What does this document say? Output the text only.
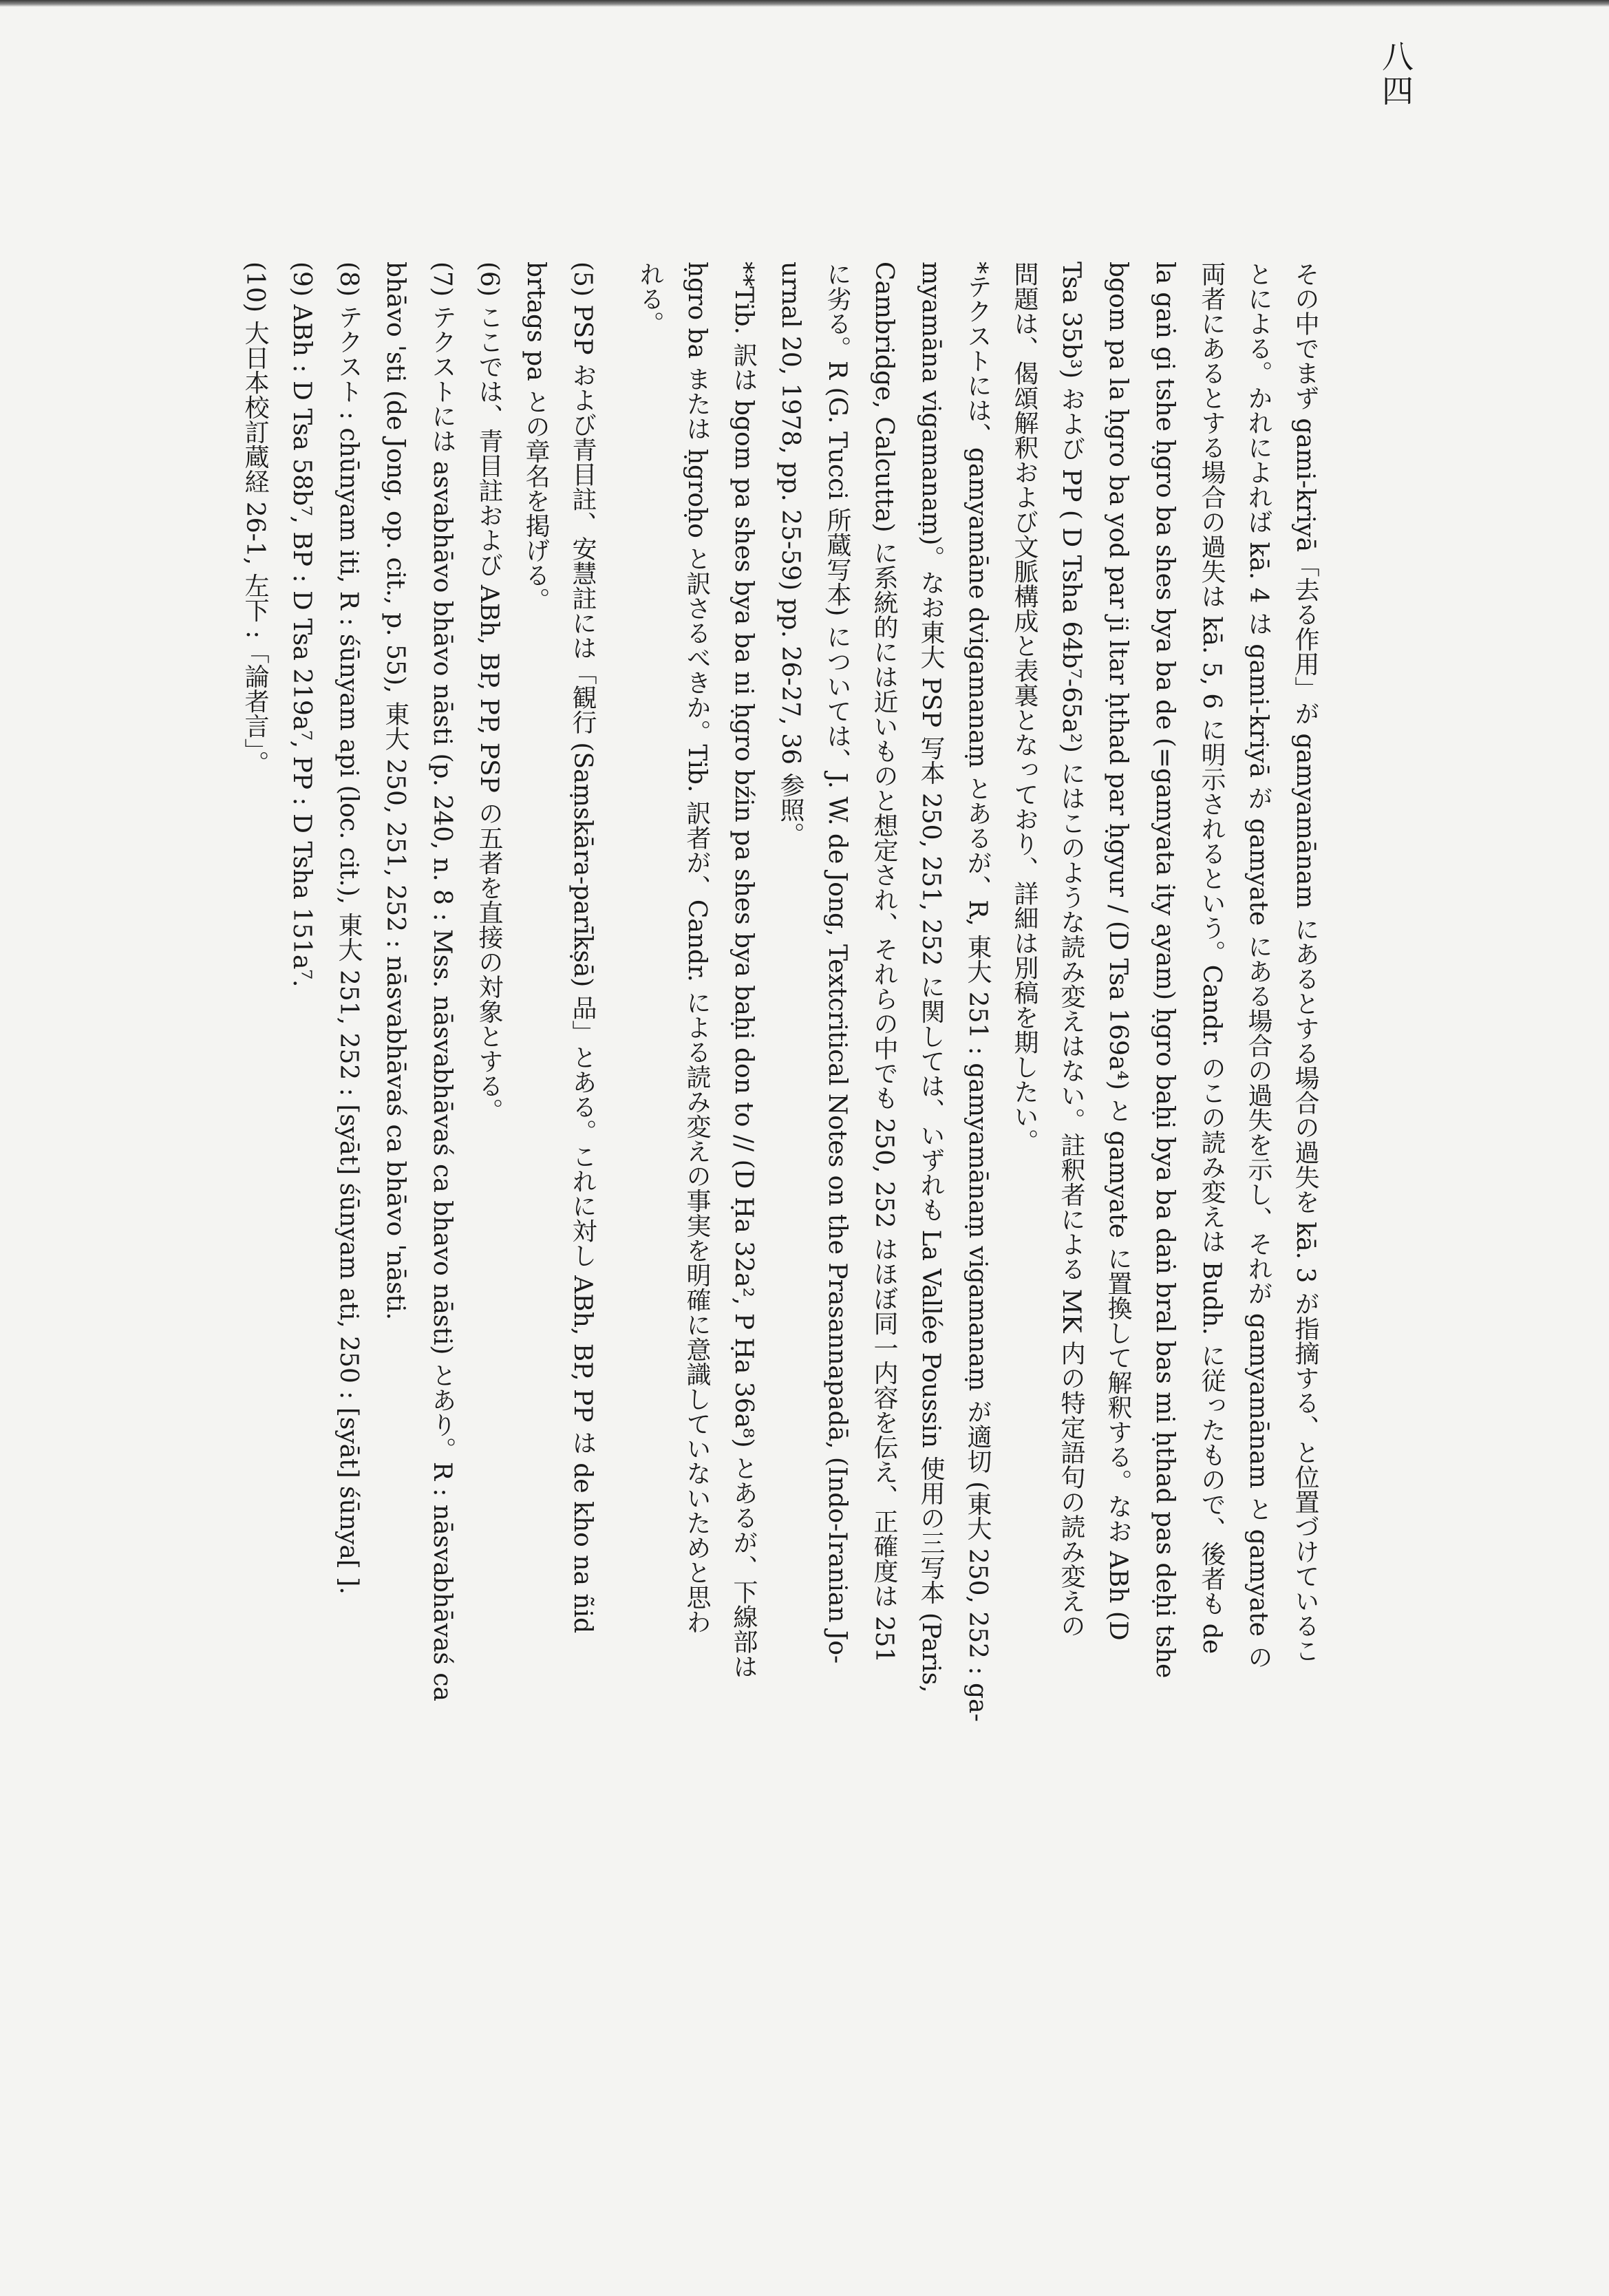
八四
その中でまず gami-kriyā「去る作用」が gamyamānam にあるとする場合の過失を kā. 3 が指摘する、と位置づけているこ
とによる。かれによれば kā. 4 は gami-kriyā が gamyate にある場合の過失を示し、それが gamyamānam と gamyate の
両者にあるとする場合の過失は kā. 5, 6 に明示されるという。Candr. のこの読み変えは Budh. に従ったもので、後者も de
la gaṅ gi tshe ḥgro ba shes bya ba de (=gamyata ity ayam) ḥgro baḥi bya ba daṅ bral bas mi ḥthad pas deḥi tshe
bgom pa la ḥgro ba yod par ji ltar ḥthad par ḥgyur / (D Tsa 169a⁴) と gamyate に置換して解釈する。なお ABh (D
Tsa 35b³) および PP ( D Tsha 64b⁷-65a²) にはこのような読み変えはない。註釈者による MK 内の特定語句の読み変えの
問題は、偈頌解釈および文脈構成と表裏となっており、詳細は別稿を期したい。
*テクストには、gamyamāne dvigamanaṃ とあるが、R, 東大 251 : gamyamānaṃ vigamanaṃ が適切 (東大 250, 252 : ga-
myamāna vigamanaṃ)。なお東大 PSP 写本 250, 251, 252 に関しては、いずれも La Vallée Poussin 使用の三写本 (Paris,
Cambridge, Calcutta) に系統的には近いものと想定され、それらの中でも 250, 252 はほぼ同一内容を伝え、正確度は 251
に劣る。R (G. Tucci 所蔵写本) については、J. W. de Jong, Textcritical Notes on the Prasannapadā, (Indo-Iranian Jo-
urnal 20, 1978, pp. 25-59) pp. 26-27, 36 参照。
**Tib. 訳は bgom pa shes bya ba ni ḥgro bźin pa shes bya baḥi don to // (D Ḥa 32a², P Ḥa 36a⁸) とあるが、下線部は
ḥgro ba または ḥgroḥo と訳さるべきか。Tib. 訳者が、Candr. による読み変えの事実を明確に意識していないためと思わ
れる。
(5) PSP および青目註、安慧註には「観行 (Saṃskāra-parīkṣā) 品」とある。これに対し ABh, BP, PP は de kho na ñid
brtags pa との章名を掲げる。
(6) ここでは、青目註および ABh, BP, PP, PSP の五者を直接の対象とする。
(7) テクストには asvabhāvo bhāvo nāsti (p. 240, n. 8 : Mss. nāsvabhāvaś ca bhavo nāsti) とあり。R : nāsvabhāvaś ca
bhāvo 'sti (de Jong, op. cit., p. 55), 東大 250, 251, 252 : nāsvabhāvaś ca bhāvo 'nāsti.
(8) テクスト : chūnyam iti, R : śūnyam api (loc. cit.), 東大 251, 252 : [syāt] śūnyam ati, 250 : [syāt] śūnya[ ].
(9) ABh : D Tsa 58b⁷, BP : D Tsa 219a⁷, PP : D Tsha 151a⁷.
(10) 大日本校訂蔵経 26-1, 左下 :「論者言」。
